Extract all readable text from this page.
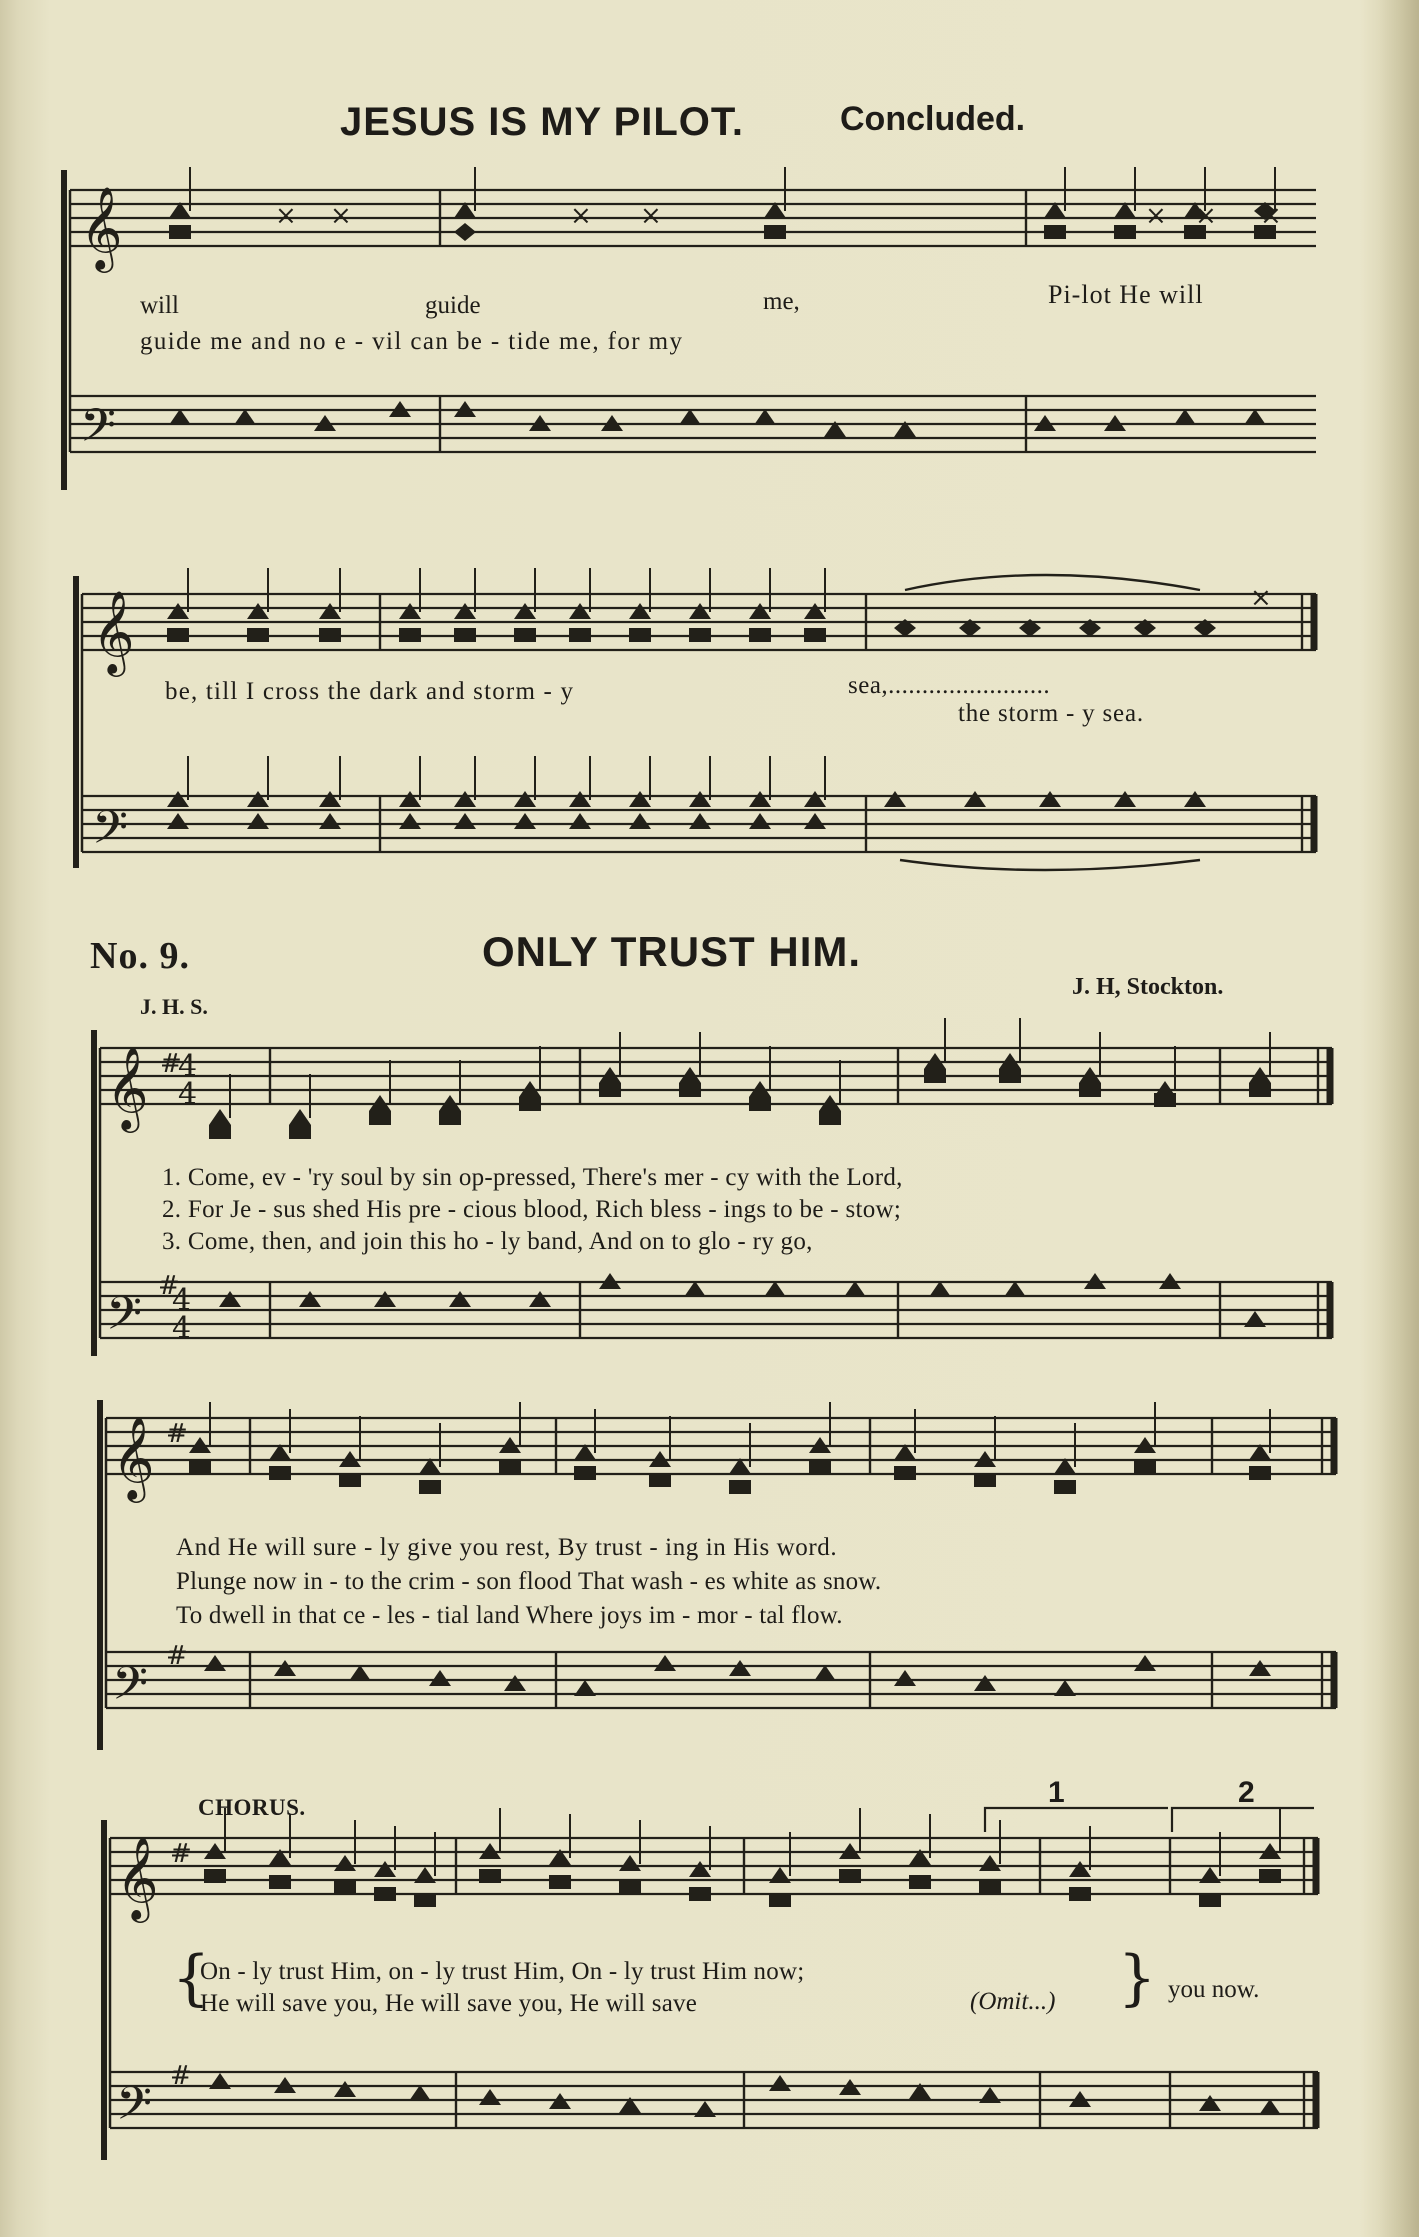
𝄞
𝄢
× ×	× ×	× × ×
𝄞
𝄢
×
𝄞
𝄢
#
#
4
4
4
4
𝄞
𝄢
#
#
𝄞
𝄢
#
#
JESUS IS MY PILOT.	Concluded.
will	guide	me,	Pi-lot He will
guide me and no e - vil can be - tide me, for my
be, till I cross the dark and storm - y	sea,........................
the storm - y sea.
No. 9.	ONLY TRUST HIM.
J. H. S.
J. H, Stockton.
1. Come, ev - 'ry soul by sin op-pressed, There's mer - cy with the Lord,
2. For Je - sus shed His pre - cious blood, Rich bless - ings to be - stow;
3. Come, then, and join this ho - ly band, And on to glo - ry go,
And He will sure - ly give you rest, By trust - ing in His word.
Plunge now in - to the crim - son flood That wash - es white as snow.
To dwell in that ce - les - tial land Where joys im - mor - tal flow.
CHORUS.	1	2
{
On - ly trust Him, on - ly trust Him, On - ly trust Him now;	}
He will save you, He will save you, He will save	(Omit...)	you now.
